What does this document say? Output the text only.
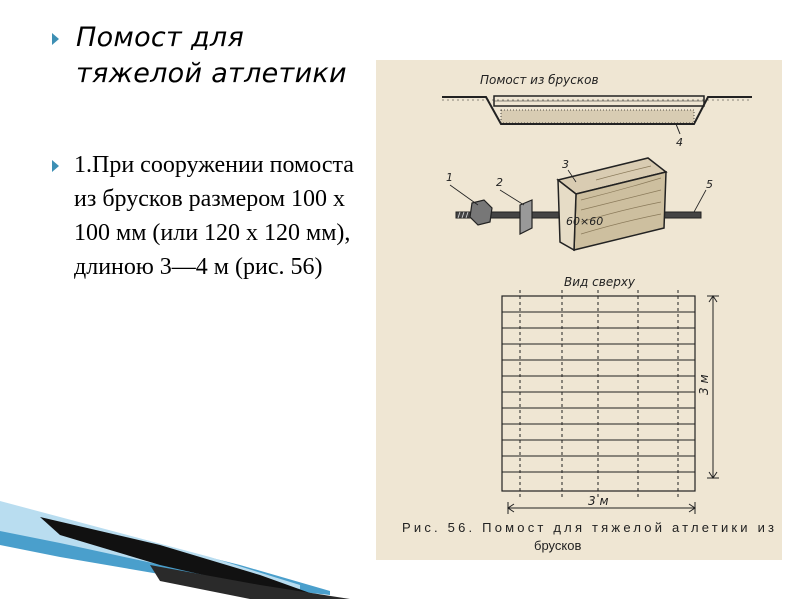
Помост для тяжелой атлетики
1.При сооружении помоста из брусков размером 100 х 100 мм (или 120 х 120 мм), длиною 3—4 м (рис. 56)
Помост из брусков
4
60×60
1	2
3
5
Вид сверху
3 м
3 м
Рис. 56. Помост для тяжелой атлетики из
брусков
